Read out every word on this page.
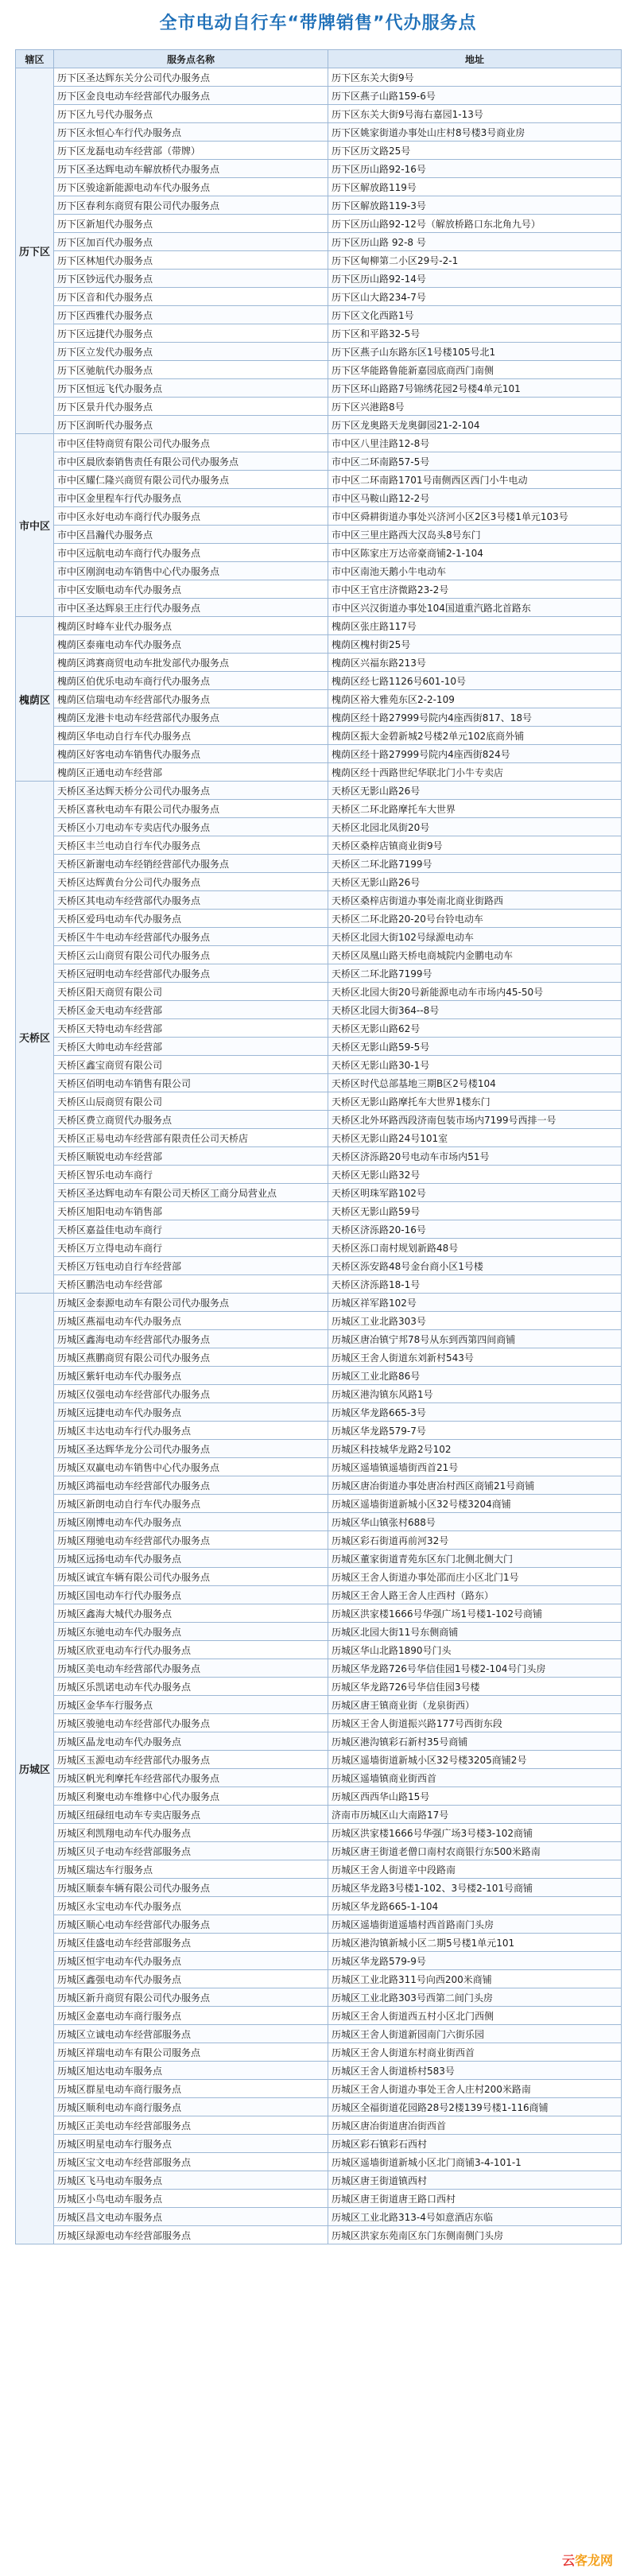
全市电动自行车“带牌销售”代办服务点
辖区	服务点名称	地址
历下区	历下区圣达辉东关分公司代办服务点	历下区东关大街9号
	历下区金良电动车经营部代办服务点	历下区燕子山路159-6号
	历下区九号代办服务点	历下区东关大街9号海右嘉园1-13号
	历下区永恒心车行代办服务点	历下区姚家街道办事处山庄村8号楼3号商业房
	历下区龙磊电动车经营部（带牌）	历下区历文路25号
	历下区圣达辉电动车解放桥代办服务点	历下区历山路92-16号
	历下区骏途新能源电动车代办服务点	历下区解放路119号
	历下区春利东商贸有限公司代办服务点	历下区解放路119-3号
	历下区新旭代办服务点	历下区历山路92-12号（解放桥路口东北角九号）
	历下区加百代办服务点	历下区历山路 92-8 号
	历下区林旭代办服务点	历下区甸柳第二小区29号-2-1
	历下区钞远代办服务点	历下区历山路92-14号
	历下区音和代办服务点	历下区山大路234-7号
	历下区西雅代办服务点	历下区文化西路1号
	历下区远捷代办服务点	历下区和平路32-5号
	历下区立发代办服务点	历下区燕子山东路东区1号楼105号北1
	历下区驰航代办服务点	历下区华能路鲁能新嘉园底商西门南侧
	历下区恒远飞代办服务点	历下区环山路路7号锦绣花园2号楼4单元101
	历下区景升代办服务点	历下区兴港路8号
	历下区润昕代办服务点	历下区龙奥路天龙奥御园21-2-104
市中区	市中区佳特商贸有限公司代办服务点	市中区八里洼路12-8号
	市中区晨欣泰销售责任有限公司代办服务点	市中区二环南路57-5号
	市中区耀仁隆兴商贸有限公司代办服务点	市中区二环南路1701号南侧西区西门小牛电动
	市中区金里程车行代办服务点	市中区马鞍山路12-2号
	市中区永好电动车商行代办服务点	市中区舜耕街道办事处兴济河小区2区3号楼1单元103号
	市中区昌瀚代办服务点	市中区三里庄路西大汉岛头8号东门
	市中区远航电动车商行代办服务点	市中区陈家庄万达帝豪商铺2-1-104
	市中区刚润电动车销售中心代办服务点	市中区南池天鹅小牛电动车
	市中区安顺电动车代办服务点	市中区王官庄济微路23-2号
	市中区圣达辉泉王庄行代办服务点	市中区兴汉街道办事处104国道重汽路北首路东
槐荫区	槐荫区时峰车业代办服务点	槐荫区张庄路117号
	槐荫区泰雍电动车代办服务点	槐荫区槐村街25号
	槐荫区鸿赛商贸电动车批发部代办服务点	槐荫区兴福东路213号
	槐荫区伯优乐电动车商行代办服务点	槐荫区经七路1126号601-10号
	槐荫区信瑞电动车经营部代办服务点	槐荫区裕大雅苑东区2-2-109
	槐荫区龙港卡电动车经营部代办服务点	槐荫区经十路27999号院内4座西街817、18号
	槐荫区华电动自行车代办服务点	槐荫区振大金碧新城2号楼2单元102底商外铺
	槐荫区好客电动车销售代办服务点	槐荫区经十路27999号院内4座西街824号
	槐荫区正通电动车经营部	槐荫区经十西路世纪华联北门小牛专卖店
天桥区	天桥区圣达辉天桥分公司代办服务点	天桥区无影山路26号
	天桥区喜秋电动车有限公司代办服务点	天桥区二环北路摩托车大世界
	天桥区小刀电动车专卖店代办服务点	天桥区北园北凤街20号
	天桥区丰兰电动自行车代办服务点	天桥区桑梓店镇商业街9号
	天桥区新谢电动车经销经营部代办服务点	天桥区二环北路7199号
	天桥区达辉黄台分公司代办服务点	天桥区无影山路26号
	天桥区其电动车经营部代办服务点	天桥区桑梓店街道办事处南北商业街路西
	天桥区爱玛电动车代办服务点	天桥区二环北路20-20号台铃电动车
	天桥区牛牛电动车经营部代办服务点	天桥区北园大街102号绿源电动车
	天桥区云山商贸有限公司代办服务点	天桥区凤凰山路天桥电商城院内金鹏电动车
	天桥区冠明电动车经营部代办服务点	天桥区二环北路7199号
	天桥区阳天商贸有限公司	天桥区北园大街20号新能源电动车市场内45-50号
	天桥区金天电动车经营部	天桥区北园大街364--8号
	天桥区天特电动车经营部	天桥区无影山路62号
	天桥区大帅电动车经营部	天桥区无影山路59-5号
	天桥区鑫宝商贸有限公司	天桥区无影山路30-1号
	天桥区佰明电动车销售有限公司	天桥区时代总部基地三期B区2号楼104
	天桥区山辰商贸有限公司	天桥区无影山路摩托车大世界1楼东门
	天桥区费立商贸代办服务点	天桥区北外环路西段济南包装市场内7199号西排一号
	天桥区正易电动车经营部有限责任公司天桥店	天桥区无影山路24号101室
	天桥区顺锐电动车经营部	天桥区济泺路20号电动车市场内51号
	天桥区智乐电动车商行	天桥区无影山路32号
	天桥区圣达辉电动车有限公司天桥区工商分局营业点	天桥区明珠军路102号
	天桥区旭阳电动车销售部	天桥区无影山路59号
	天桥区嘉益佳电动车商行	天桥区济泺路20-16号
	天桥区万立得电动车商行	天桥区泺口南村规划新路48号
	天桥区万钰电动自行车经营部	天桥区泺安路48号金台商小区1号楼
	天桥区鹏浩电动车经营部	天桥区济泺路18-1号
历城区	历城区金泰源电动车有限公司代办服务点	历城区祥军路102号
	历城区燕福电动车代办服务点	历城区工业北路303号
	历城区鑫海电动车经营部代办服务点	历城区唐冶镇宁邦78号从东到西第四间商铺
	历城区燕鹏商贸有限公司代办服务点	历城区王舍人街道东刘新村543号
	历城区紫轩电动车代办服务点	历城区工业北路86号
	历城区仪强电动车经营部代办服务点	历城区港沟镇东风路1号
	历城区远捷电动车代办服务点	历城区华龙路665-3号
	历城区丰达电动车行代办服务点	历城区华龙路579-7号
	历城区圣达辉华龙分公司代办服务点	历城区科技城华龙路2号102
	历城区双赢电动车销售中心代办服务点	历城区遥墙镇遥墙街西首21号
	历城区鸿福电动车经营部代办服务点	历城区唐冶街道办事处唐冶村西区商铺21号商铺
	历城区新朗电动自行车代办服务点	历城区遥墙街道新城小区32号楼3204商铺
	历城区刚博电动车代办服务点	历城区华山镇张村688号
	历城区翔驰电动车经营部代办服务点	历城区彩石街道再前河32号
	历城区远扬电动车代办服务点	历城区董家街道青苑东区东门北侧北侧大门
	历城区诚宜车辆有限公司代办服务点	历城区王舍人街道办事处邵而庄小区北门1号
	历城区国电动车行代办服务点	历城区王舍人路王舍人庄西村（路东）
	历城区鑫海大城代办服务点	历城区洪家楼1666号华强广场1号楼1-102号商铺
	历城区东驰电动车代办服务点	历城区北园大街11号东侧商铺
	历城区欣亚电动车行代办服务点	历城区华山北路1890号门头
	历城区美电动车经营部代办服务点	历城区华龙路726号华信佳园1号楼2-104号门头房
	历城区乐凯诺电动车代办服务点	历城区华龙路726号华信佳园3号楼
	历城区金华车行服务点	历城区唐王镇商业街（龙泉街西）
	历城区骏驰电动车经营部代办服务点	历城区王舍人街道振兴路177号西街东段
	历城区晶龙电动车代办服务点	历城区港沟镇彩石新村35号商铺
	历城区玉源电动车经营部代办服务点	历城区遥墙街道新城小区32号楼3205商铺2号
	历城区帆光利摩托车经营部代办服务点	历城区遥墙镇商业街西首
	历城区利聚电动车维修中心代办服务点	历城区西西华山路15号
	历城区纽碌纽电动车专卖店服务点	济南市历城区山大南路17号
	历城区利凯翔电动车代办服务点	历城区洪家楼1666号华强广场3号楼3-102商铺
	历城区贝子电动车经营部服务点	历城区唐王街道老僧口南村农商银行东500米路南
	历城区瑞达车行服务点	历城区王舍人街道辛中段路南
	历城区顺泰车辆有限公司代办服务点	历城区华龙路3号楼1-102、3号楼2-101号商铺
	历城区永宝电动车代办服务点	历城区华龙路665-1-104
	历城区顺心电动车经营部代办服务点	历城区遥墙街道遥墙村西首路南门头房
	历城区佳盛电动车经营部服务点	历城区港沟镇新城小区二期5号楼1单元101
	历城区恒宇电动车代办服务点	历城区华龙路579-9号
	历城区鑫强电动车代办服务点	历城区工业北路311号向西200米商铺
	历城区新升商贸有限公司代办服务点	历城区工业北路303号西第二间门头房
	历城区金嘉电动车商行服务点	历城区王舍人街道西五村小区北门西侧
	历城区立诚电动车经营部服务点	历城区王舍人街道新园南门六街乐园
	历城区祥瑞电动车有限公司服务点	历城区王舍人街道东村商业街西首
	历城区旭达电动车服务点	历城区王舍人街道桥村583号
	历城区群星电动车商行服务点	历城区王舍人街道办事处王舍人庄村200米路南
	历城区顺利电动车商行服务点	历城区全福街道花园路28号2楼139号楼1-116商铺
	历城区正美电动车经营部服务点	历城区唐冶街道唐冶街西首
	历城区明星电动车行服务点	历城区彩石镇彩石西村
	历城区宝文电动车经营部服务点	历城区遥墙街道新城小区北门商铺3-4-101-1
	历城区飞马电动车服务点	历城区唐王街道镇西村
	历城区小鸟电动车服务点	历城区唐王街道唐王路口西村
	历城区昌文电动车服务点	历城区工业北路313-4号如意酒店东临
	历城区绿源电动车经营部服务点	历城区洪家东苑南区东门东侧南侧门头房
云 客龙网
